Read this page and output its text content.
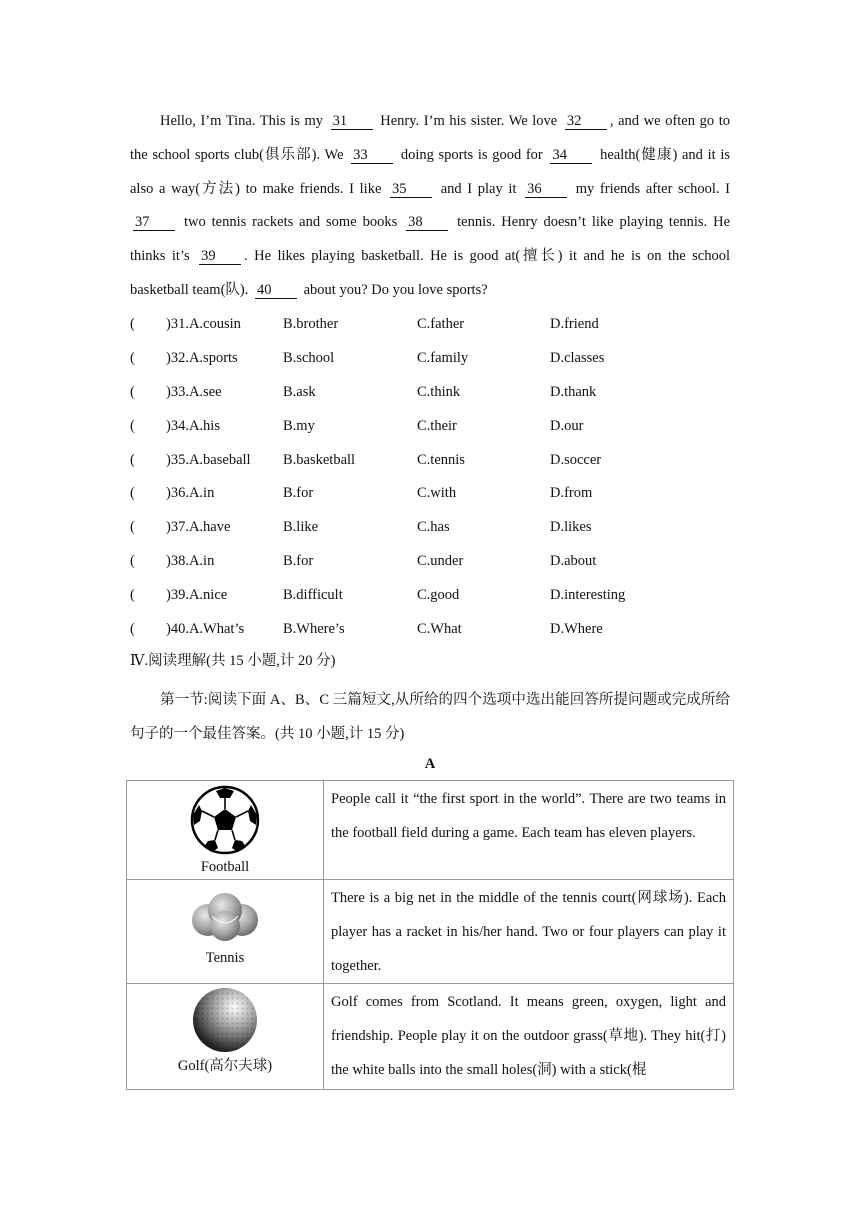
Hello, I’m Tina. This is my 31 Henry. I’m his sister. We love 32 , and we often go to the school sports club(俱乐部). We 33 doing sports is good for 34 health(健康) and it is also a way(方法) to make friends. I like 35 and I play it 36 my friends after school. I 37 two tennis rackets and some books 38 tennis. Henry doesn’t like playing tennis. He thinks it’s 39 . He likes playing basketball. He is good at(擅长) it and he is on the school basketball team(队). 40 about you? Do you love sports?
( )31.A.cousin	B.brother	C.father	D.friend
( )32.A.sports	B.school	C.family	D.classes
( )33.A.see	B.ask	C.think	D.thank
( )34.A.his	B.my	C.their	D.our
( )35.A.baseball B.basketball	C.tennis	D.soccer
( )36.A.in	B.for	C.with	D.from
( )37.A.have	B.like	C.has	D.likes
( )38.A.in	B.for	C.under	D.about
( )39.A.nice	B.difficult	C.good	D.interesting
( )40.A.What’s	B.Where’s	C.What	D.Where
Ⅳ.阅读理解(共 15 小题,计 20 分)
第一节:阅读下面 A、B、C 三篇短文,从所给的四个选项中选出能回答所提问题或完成所给句子的一个最佳答案。(共 10 小题,计 15 分)
A
Football	People call it “the first sport in the world”. There are two teams in the football field during a game. Each team has eleven players.

Tennis	There is a big net in the middle of the tennis court(网球场). Each player has a racket in his/her hand. Two or four players can play it together.

Golf(高尔夫球)	Golf comes from Scotland. It means green, oxygen, light and friendship. People play it on the outdoor grass(草地). They hit(打) the white balls into the small holes(洞) with a stick(棍
